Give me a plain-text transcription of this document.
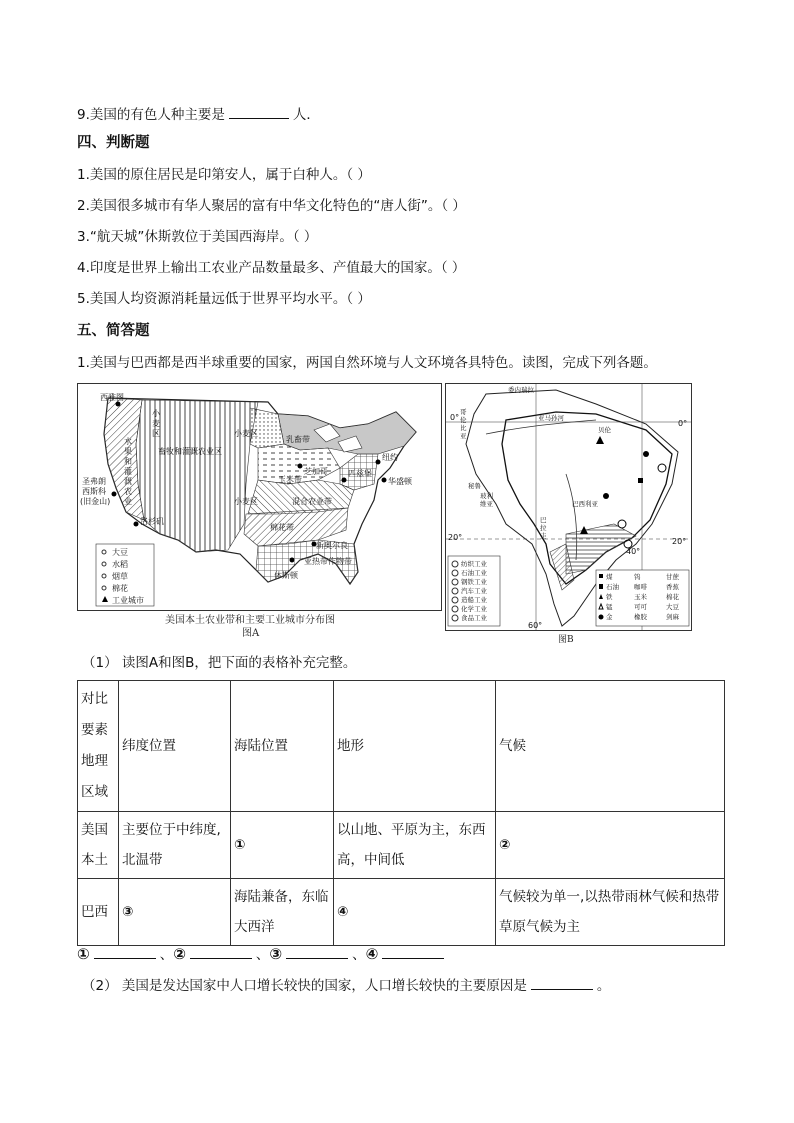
9.美国的有色人种主要是	人．
四、判断题
1.美国的原住居民是印第安人，属于白种人。（ ）
2.美国很多城市有华人聚居的富有中华文化特色的“唐人街”。（ ）
3.“航天城”休斯敦位于美国西海岸。（ ）
4.印度是世界上输出工农业产品数量最多、产值最大的国家。（ ）
5.美国人均资源消耗量远低于世界平均水平。（ ）
五、简答题
1.美国与巴西都是西半球重要的国家，两国自然环境与人文环境各具特色。读图，完成下列各题。
西雅图
小
麦
区
水
果
和
灌
溉
农
业
圣弗朗
西斯科
(旧金山)
洛杉矶
畜牧和灌溉农业区
小麦区
乳畜带
芝加哥
玉米带
匹兹堡
纽约
华盛顿
小麦区	混合农业带
棉花带
新奥尔良
休斯顿
亚热带作物带
大豆
水稻
烟草
棉花
工业城市
美国本土农业带和主要工业城市分布图
图A
委内瑞拉
哥
伦
比
亚
亚马孙河
贝伦
巴西利亚
秘鲁
玻利
维亚
巴
拉
圭
0°
0°
20°	20°
60°
40°
纺织工业
石油工业
钢铁工业
汽车工业
造船工业
化学工业
食品工业
煤	钨	甘蔗
石油 咖啡	香蕉
铁	玉米	棉花
锰	可可	大豆
金	橡胶	剑麻
图B
（1） 读图A和图B，把下面的表格补充完整。
对比
要素
地理
区域	纬度位置	海陆位置	地形	气候

美国
本土	主要位于中纬度,北温带	①	以山地、平原为主，东西高，中间低	②
巴西	③	海陆兼备，东临大西洋	④	气候较为单一,以热带雨林气候和热带草原气候为主
①	、②	、③	、④
（2） 美国是发达国家中人口增长较快的国家，人口增长较快的主要原因是	。
